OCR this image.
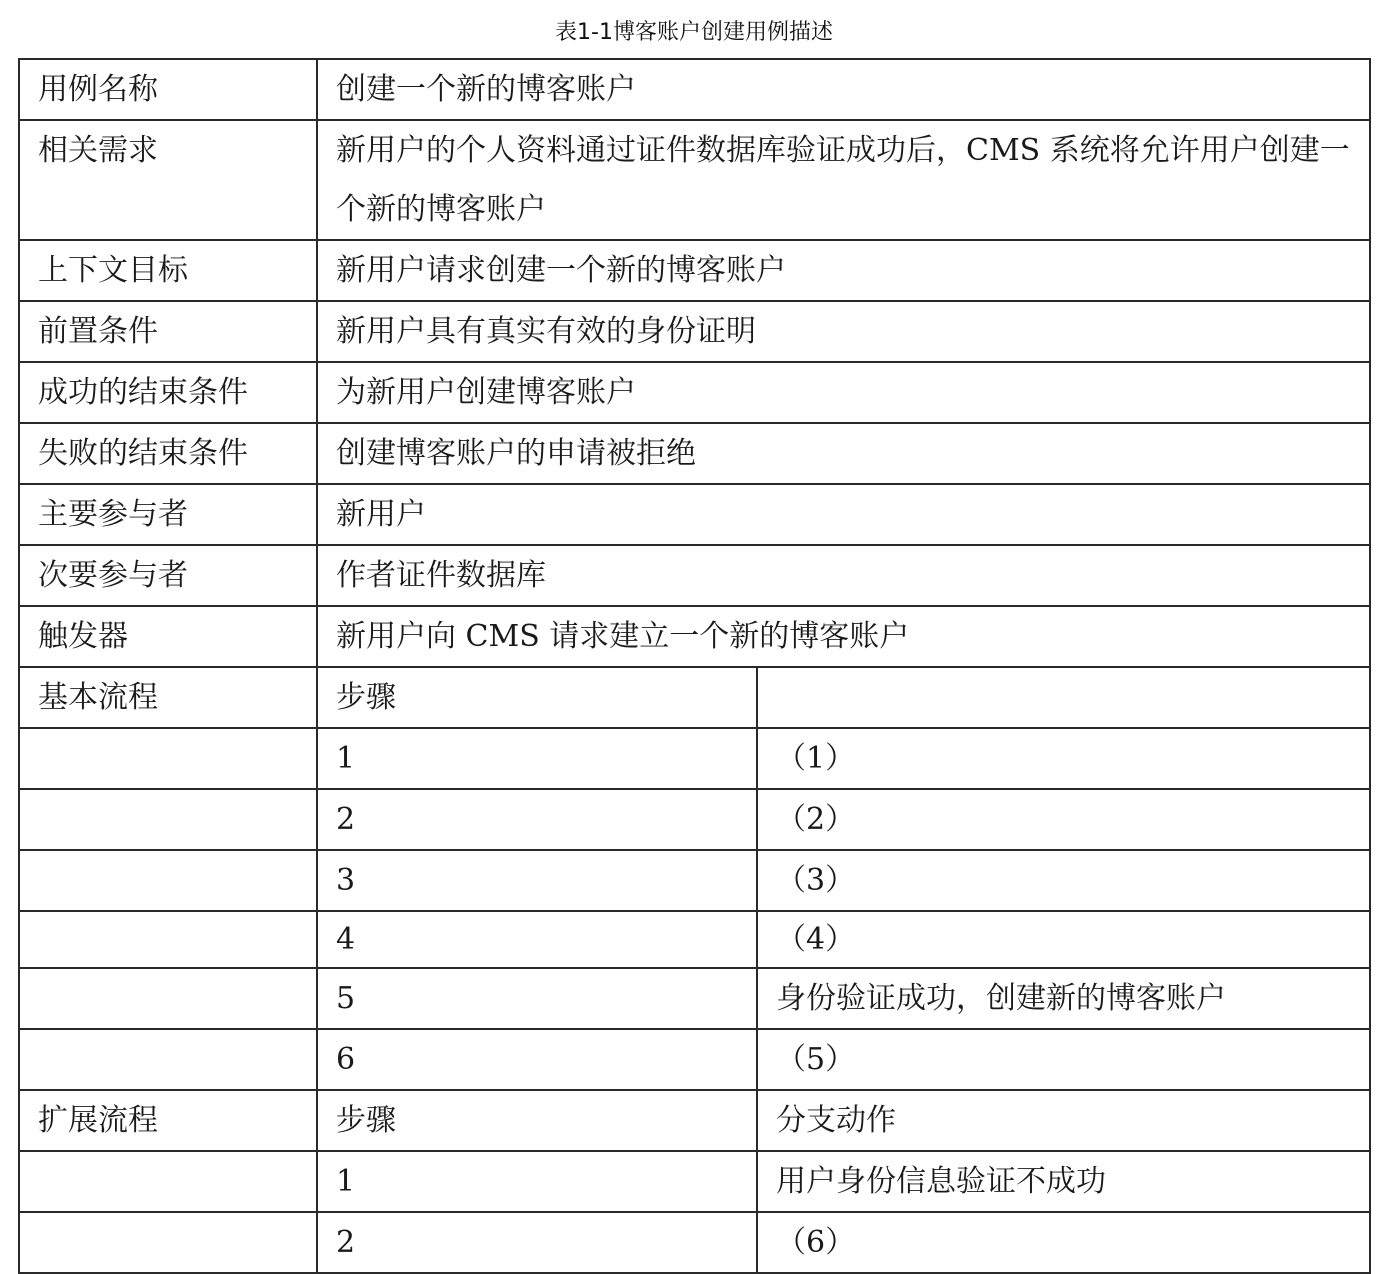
表1-1博客账户创建用例描述
用例名称	创建一个新的博客账户	
相关需求	新用户的个人资料通过证件数据库验证成功后，CMS 系统将允许用户创建一个新的博客账户	
上下文目标	新用户请求创建一个新的博客账户	
前置条件	新用户具有真实有效的身份证明	
成功的结束条件	为新用户创建博客账户	
失败的结束条件	创建博客账户的申请被拒绝	
主要参与者	新用户	
次要参与者	作者证件数据库	
触发器	新用户向 CMS 请求建立一个新的博客账户	
基本流程	步骤	
	1	（1）
	2	（2）
	3	（3）
	4	（4）
	5	身份验证成功，创建新的博客账户
	6	（5）
扩展流程	步骤	分支动作
	1	用户身份信息验证不成功
	2	（6）
